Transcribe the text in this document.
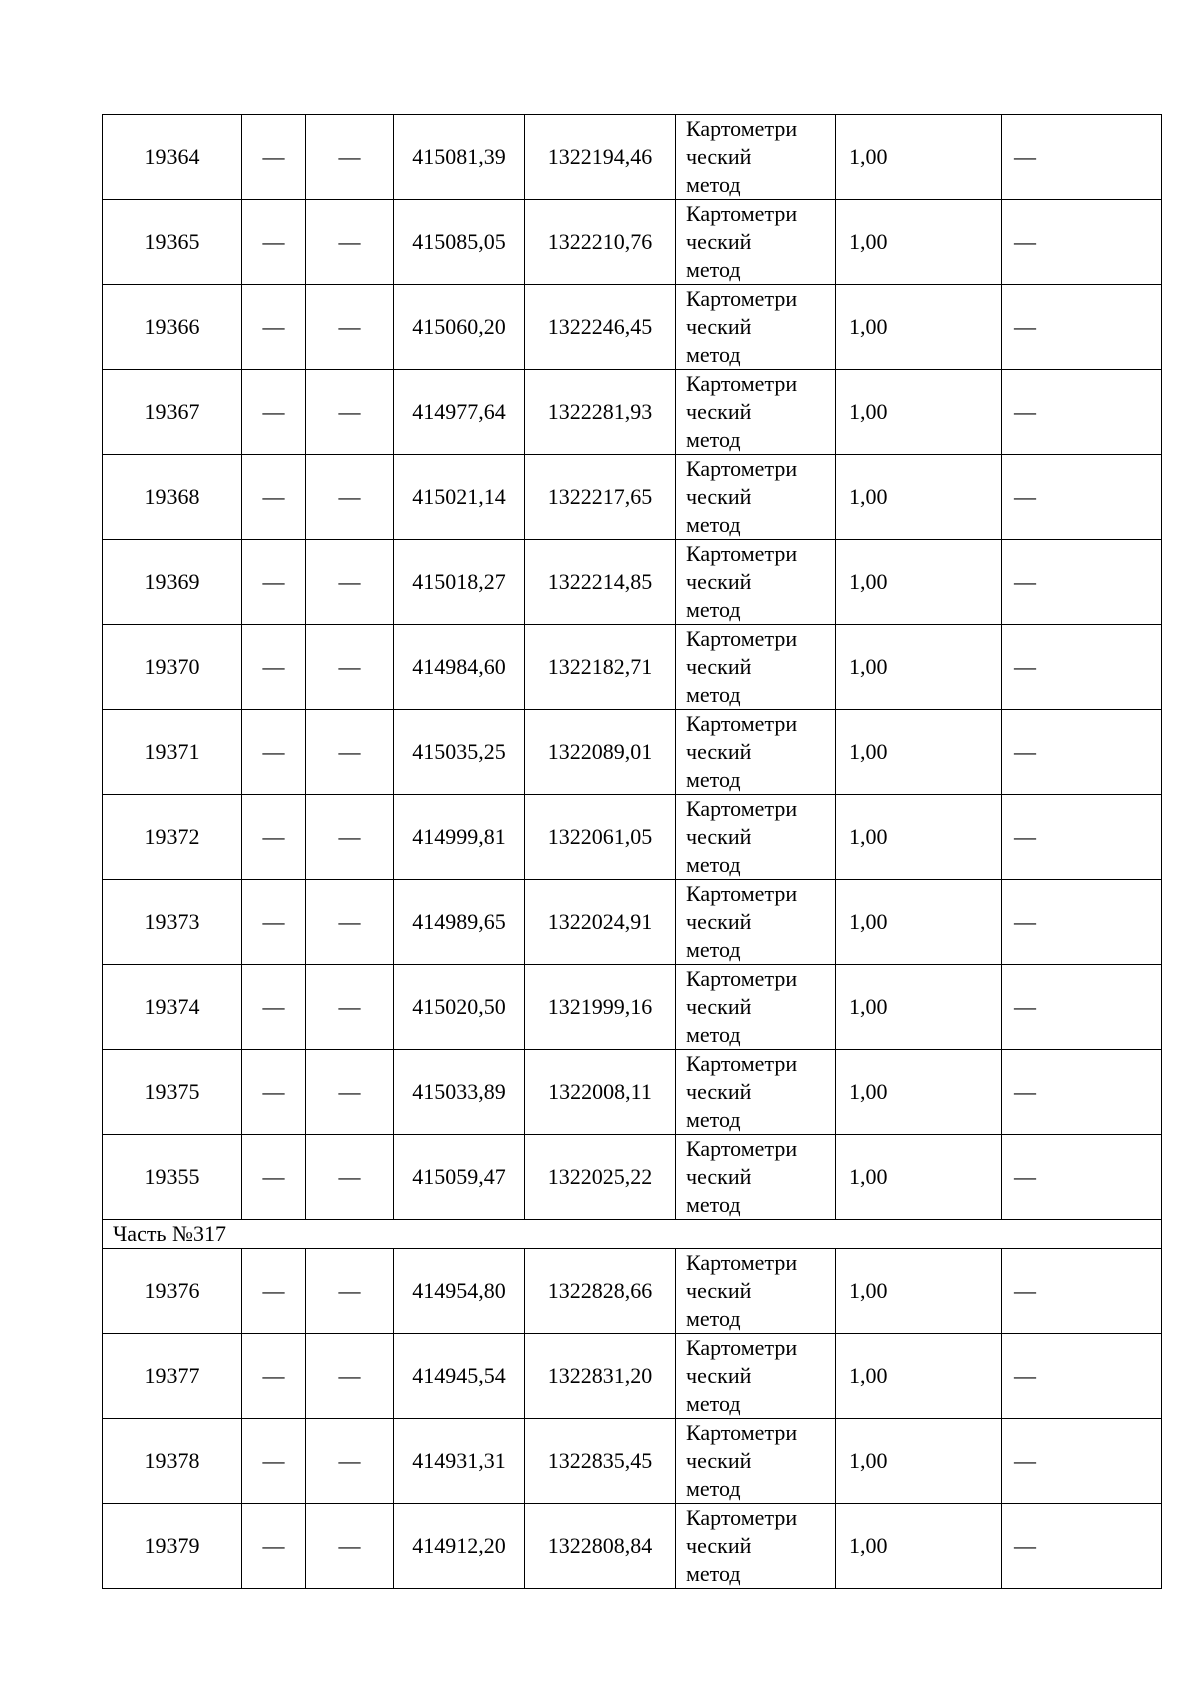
19364	—	—	415081,39	1322194,46	Картометри
ческий
метод	1,00	—
19365	—	—	415085,05	1322210,76	Картометри
ческий
метод	1,00	—
19366	—	—	415060,20	1322246,45	Картометри
ческий
метод	1,00	—
19367	—	—	414977,64	1322281,93	Картометри
ческий
метод	1,00	—
19368	—	—	415021,14	1322217,65	Картометри
ческий
метод	1,00	—
19369	—	—	415018,27	1322214,85	Картометри
ческий
метод	1,00	—
19370	—	—	414984,60	1322182,71	Картометри
ческий
метод	1,00	—
19371	—	—	415035,25	1322089,01	Картометри
ческий
метод	1,00	—
19372	—	—	414999,81	1322061,05	Картометри
ческий
метод	1,00	—
19373	—	—	414989,65	1322024,91	Картометри
ческий
метод	1,00	—
19374	—	—	415020,50	1321999,16	Картометри
ческий
метод	1,00	—
19375	—	—	415033,89	1322008,11	Картометри
ческий
метод	1,00	—
19355	—	—	415059,47	1322025,22	Картометри
ческий
метод	1,00	—
Часть №317							
19376	—	—	414954,80	1322828,66	Картометри
ческий
метод	1,00	—
19377	—	—	414945,54	1322831,20	Картометри
ческий
метод	1,00	—
19378	—	—	414931,31	1322835,45	Картометри
ческий
метод	1,00	—
19379	—	—	414912,20	1322808,84	Картометри
ческий
метод	1,00	—
